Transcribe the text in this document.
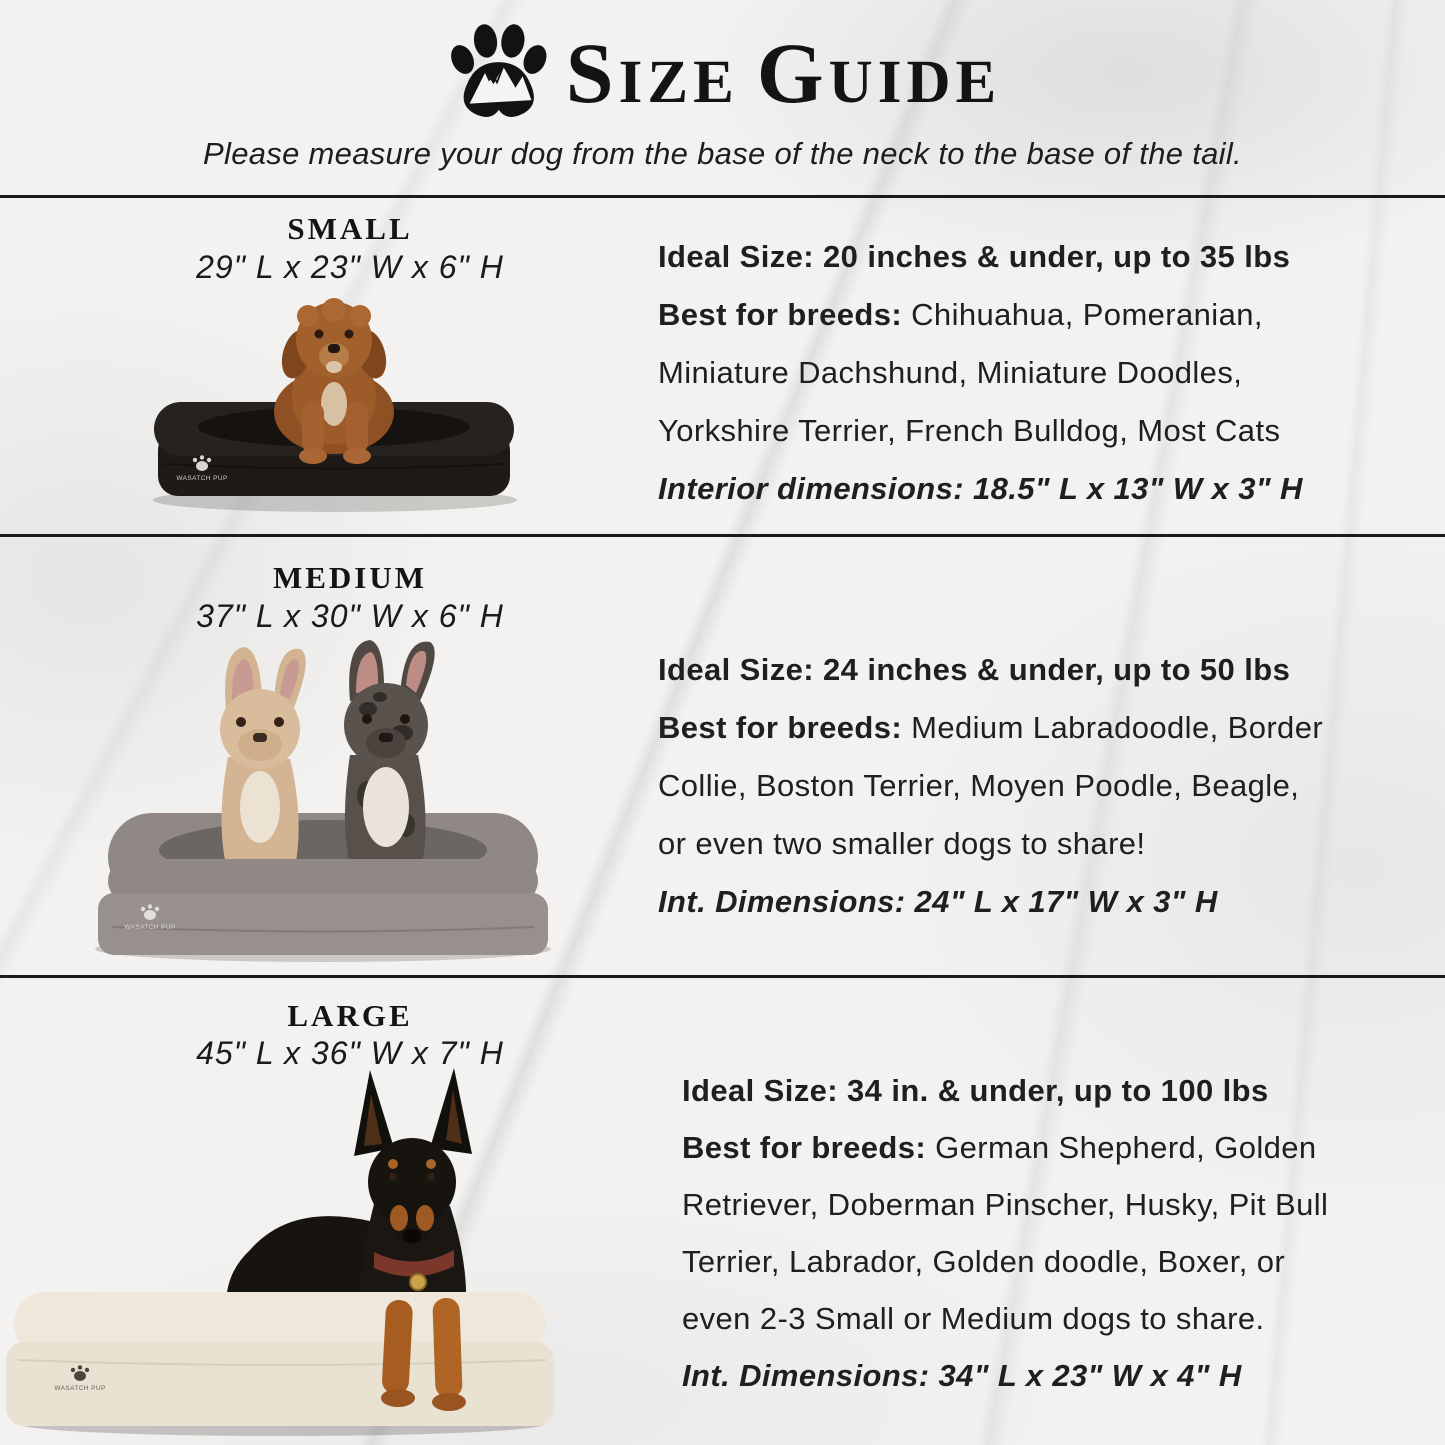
SIZE GUIDE
Please measure your dog from the base of the neck to the base of the tail.
SMALL
29" L x 23" W x 6" H
WASATCH PUP

Ideal Size: 20 inches & under, up to 35 lbs

Best for breeds: Chihuahua, Pomeranian,
Miniature Dachshund, Miniature Doodles,
Yorkshire Terrier, French Bulldog, Most Cats

Interior dimensions: 18.5" L x 13" W x 3" H

MEDIUM
37" L x 30" W x 6" H
WASATCH PUP

Ideal Size: 24 inches & under, up to 50 lbs

Best for breeds: Medium Labradoodle, Border
Collie, Boston Terrier, Moyen Poodle, Beagle,
or even two smaller dogs to share!

Int. Dimensions: 24" L x 17" W x 3" H

LARGE
45" L x 36" W x 7" H
WASATCH PUP

Ideal Size: 34 in. & under, up to 100 lbs

Best for breeds: German Shepherd, Golden
Retriever, Doberman Pinscher, Husky, Pit Bull
Terrier, Labrador, Golden doodle, Boxer, or
even 2-3 Small or Medium dogs to share.

Int. Dimensions: 34" L x 23" W x 4" H
